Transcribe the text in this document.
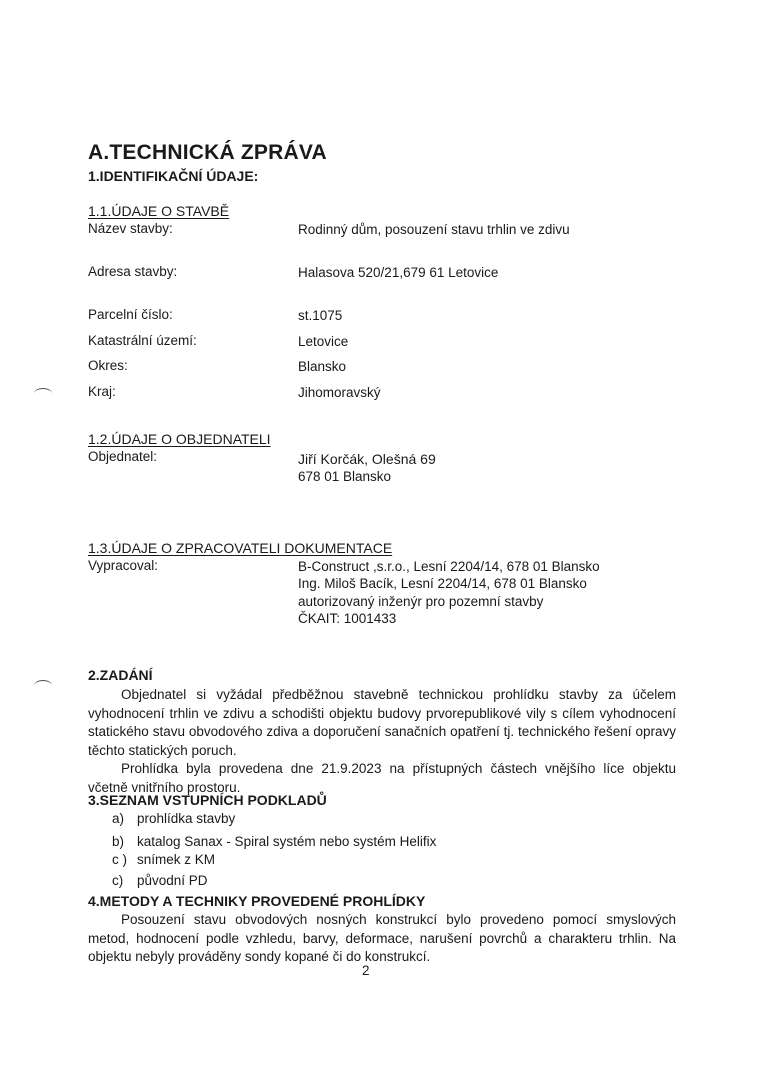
A.TECHNICKÁ ZPRÁVA
1.IDENTIFIKAČNÍ ÚDAJE:
1.1.ÚDAJE O STAVBĚ
Název stavby:	Rodinný dům, posouzení stavu trhlin ve zdivu
Adresa stavby:	Halasova 520/21,679 61 Letovice
Parcelní číslo:	st.1075
Katastrální území:	Letovice
Okres:	Blansko
Kraj:	Jihomoravský
1.2.ÚDAJE O OBJEDNATELI
Objednatel:	Jiří Korčák, Olešná 69
678 01 Blansko
1.3.ÚDAJE O ZPRACOVATELI DOKUMENTACE
Vypracoval:	B-Construct ,s.r.o., Lesní 2204/14, 678 01 Blansko
Ing. Miloš Bacík, Lesní 2204/14, 678 01 Blansko
autorizovaný inženýr pro pozemní stavby
ČKAIT: 1001433
2.ZADÁNÍ

Objednatel si vyžádal předběžnou stavebně technickou prohlídku stavby za účelem vyhodnocení trhlin ve zdivu a schodišti objektu budovy prvorepublikové vily s cílem vyhodnocení statického stavu obvodového zdiva a doporučení sanačních opatření tj. technického řešení opravy těchto statických poruch.

Prohlídka byla provedena dne 21.9.2023 na přístupných částech vnějšího líce objektu včetně vnitřního prostoru.

3.SEZNAM VSTUPNÍCH PODKLADŮ
a) prohlídka stavby
b) katalog Sanax - Spiral systém nebo systém Helifix
c ) snímek z KM
c) původní PD
4.METODY A TECHNIKY PROVEDENÉ PROHLÍDKY

Posouzení stavu obvodových nosných konstrukcí bylo provedeno pomocí smyslových metod, hodnocení podle vzhledu, barvy, deformace, narušení povrchů a charakteru trhlin. Na objektu nebyly prováděny sondy kopané či do konstrukcí.

2
